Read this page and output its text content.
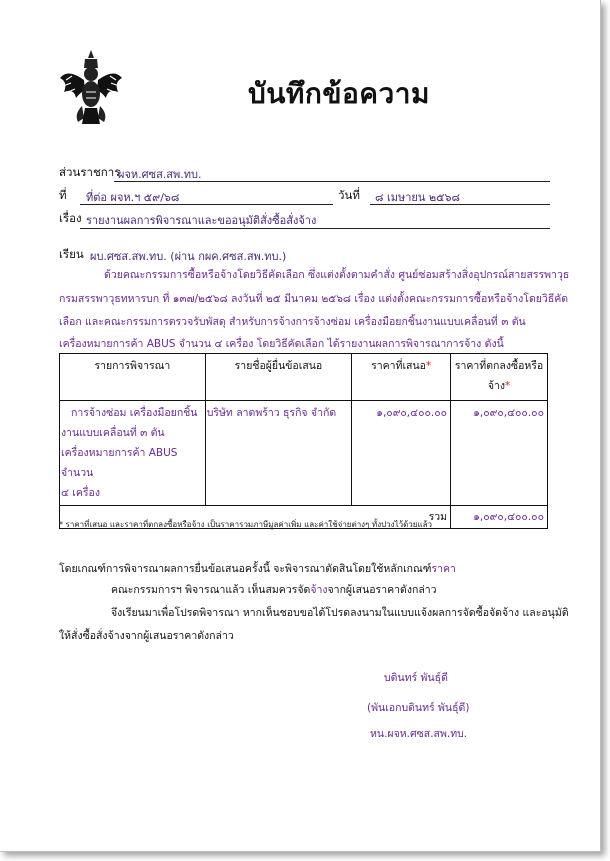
บันทึกข้อความ
ส่วนราชการ
ผจห.ศซส.สพ.ทบ.
ที่ ที่ต่อ ผจห.ฯ ๕๙/๖๘	วันที่ ๘ เมษายน ๒๕๖๘
เรื่อง รายงานผลการพิจารณาและขออนุมัติสั่งซื้อสั่งจ้าง
เรียน ผบ.ศซส.สพ.ทบ. (ผ่าน กผค.ศซส.สพ.ทบ.)
ด้วยคณะกรรมการซื้อหรือจ้างโดยวิธีคัดเลือก ซึ่งแต่งตั้งตามคำสั่ง ศูนย์ซ่อมสร้างสิ่งอุปกรณ์สายสรรพาวุธ
กรมสรรพาวุธทหารบก ที่ ๑๓๗/๒๕๖๘ ลงวันที่ ๒๕ มีนาคม ๒๕๖๘ เรื่อง แต่งตั้งคณะกรรมการซื้อหรือจ้างโดยวิธีคัด
เลือก และคณะกรรมการตรวจรับพัสดุ สำหรับการจ้างการจ้างซ่อม เครื่องมือยกชิ้นงานแบบเคลื่อนที่ ๓ ตัน
เครื่องหมายการค้า ABUS จำนวน ๔ เครื่อง โดยวิธีคัดเลือก ได้รายงานผลการพิจารณาการจ้าง ดังนี้
รายการพิจารณา	รายชื่อผู้ยื่นข้อเสนอ	ราคาที่เสนอ*	ราคาที่ตกลงซื้อหรือจ้าง*

การจ้างซ่อม เครื่องมือยกชิ้น
งานแบบเคลื่อนที่ ๓ ตัน
เครื่องหมายการค้า ABUS จำนวน
๔ เครื่อง	บริษัท ลาดพร้าว ธุรกิจ จำกัด	๑,๐๙๐,๔๐๐.๐๐	๑,๐๙๐,๔๐๐.๐๐
รวม			๑,๐๙๐,๔๐๐.๐๐
* ราคาที่เสนอ และราคาที่ตกลงซื้อหรือจ้าง เป็นราคารวมภาษีมูลค่าเพิ่ม และค่าใช้จ่ายต่างๆ ทั้งปวงไว้ด้วยแล้ว
โดยเกณฑ์การพิจารณาผลการยื่นข้อเสนอครั้งนี้ จะพิจารณาตัดสินโดยใช้หลักเกณฑ์ราคา
คณะกรรมการฯ พิจารณาแล้ว เห็นสมควรจัดจ้างจากผู้เสนอราคาดังกล่าว
จึงเรียนมาเพื่อโปรดพิจารณา หากเห็นชอบขอได้โปรดลงนามในแบบแจ้งผลการจัดซื้อจัดจ้าง และอนุมัติ
ให้สั่งซื้อสั่งจ้างจากผู้เสนอราคาดังกล่าว
บดินทร์ พันธ์ุดี
(พันเอกบดินทร์ พันธ์ุดี)
หน.ผจห.ศซส.สพ.ทบ.
